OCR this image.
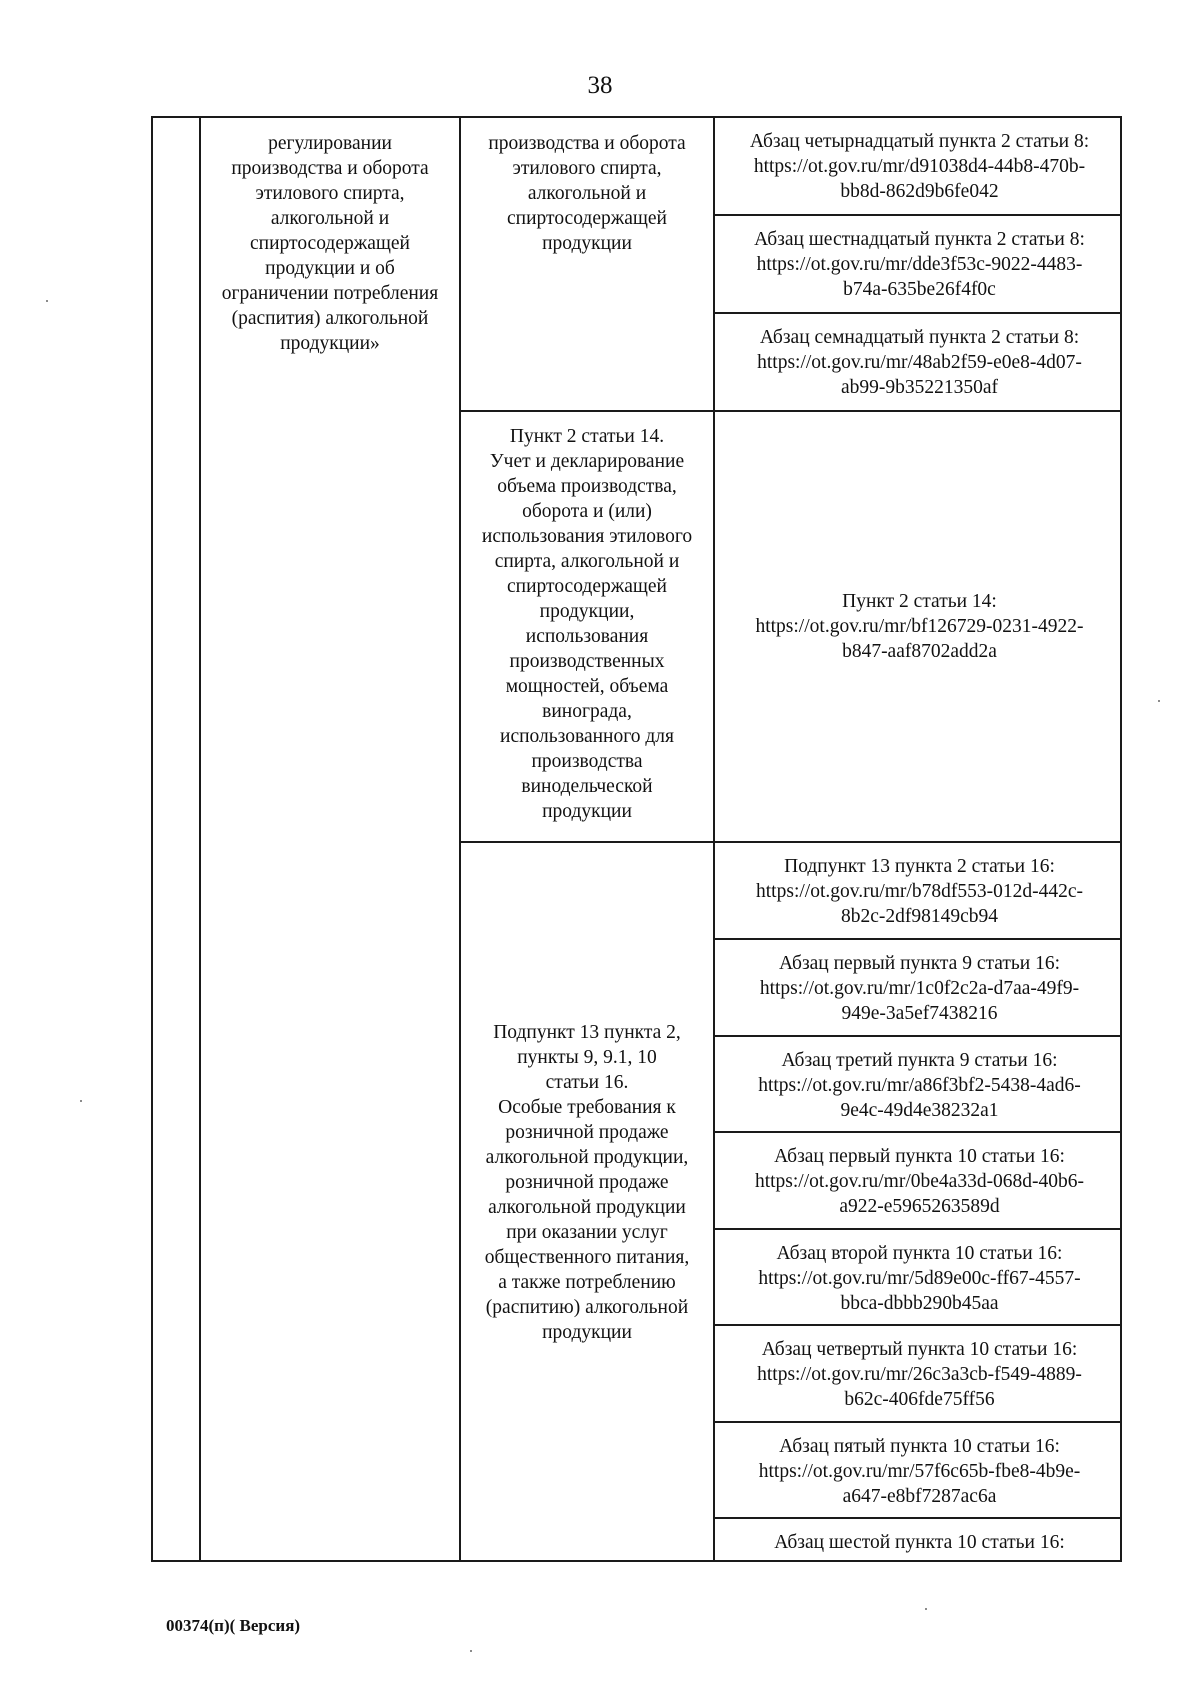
38
регулировании
производства и оборота
этилового спирта,
алкогольной и
спиртосодержащей
продукции и об
ограничении потребления
(распития) алкогольной
продукции»
производства и оборота
этилового спирта,
алкогольной и
спиртосодержащей
продукции
Пункт 2 статьи 14.
Учет и декларирование
объема производства,
оборота и (или)
использования этилового
спирта, алкогольной и
спиртосодержащей
продукции,
использования
производственных
мощностей, объема
винограда,
использованного для
производства
винодельческой
продукции
Подпункт 13 пункта 2,
пункты 9, 9.1, 10
статьи 16.
Особые требования к
розничной продаже
алкогольной продукции,
розничной продаже
алкогольной продукции
при оказании услуг
общественного питания,
а также потреблению
(распитию) алкогольной
продукции
Абзац четырнадцатый пункта 2 статьи 8:
https://ot.gov.ru/mr/d91038d4-44b8-470b-
bb8d-862d9b6fe042
Абзац шестнадцатый пункта 2 статьи 8:
https://ot.gov.ru/mr/dde3f53c-9022-4483-
b74a-635be26f4f0c
Абзац семнадцатый пункта 2 статьи 8:
https://ot.gov.ru/mr/48ab2f59-e0e8-4d07-
ab99-9b35221350af
Пункт 2 статьи 14:
https://ot.gov.ru/mr/bf126729-0231-4922-
b847-aaf8702add2a
Подпункт 13 пункта 2 статьи 16:
https://ot.gov.ru/mr/b78df553-012d-442c-
8b2c-2df98149cb94
Абзац первый пункта 9 статьи 16:
https://ot.gov.ru/mr/1c0f2c2a-d7aa-49f9-
949e-3a5ef7438216
Абзац третий пункта 9 статьи 16:
https://ot.gov.ru/mr/a86f3bf2-5438-4ad6-
9e4c-49d4e38232a1
Абзац первый пункта 10 статьи 16:
https://ot.gov.ru/mr/0be4a33d-068d-40b6-
a922-e5965263589d
Абзац второй пункта 10 статьи 16:
https://ot.gov.ru/mr/5d89e00c-ff67-4557-
bbca-dbbb290b45aa
Абзац четвертый пункта 10 статьи 16:
https://ot.gov.ru/mr/26c3a3cb-f549-4889-
b62c-406fde75ff56
Абзац пятый пункта 10 статьи 16:
https://ot.gov.ru/mr/57f6c65b-fbe8-4b9e-
a647-e8bf7287ac6a
Абзац шестой пункта 10 статьи 16:
00374(п)( Версия)
